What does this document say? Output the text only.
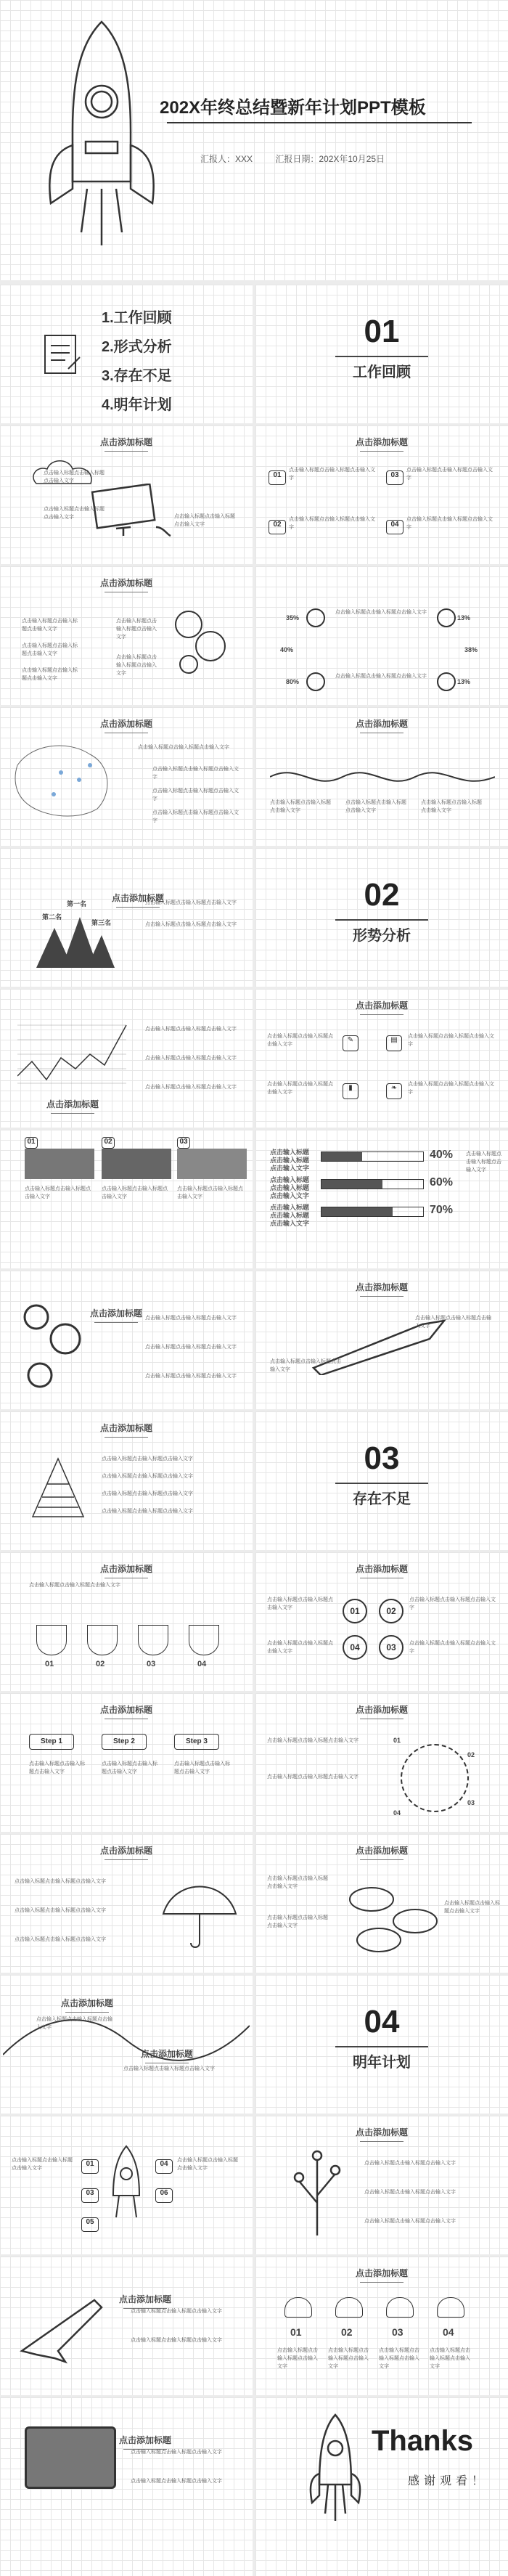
202X年终总结暨新年计划PPT模板
汇报人：XXX	汇报日期：202X年10月25日
1.工作回顾
2.形式分析
3.存在不足
4.明年计划
01
工作回顾
点击添加标题
点击输入标题点击输入标题点击输入文字
点击输入标题点击输入标题点击输入文字	点击输入标题点击输入标题点击输入文字
点击添加标题
01
02
03
04
点击输入标题点击输入标题点击输入文字
点击输入标题点击输入标题点击输入文字
点击输入标题点击输入标题点击输入文字
点击输入标题点击输入标题点击输入文字
点击添加标题
点击输入标题点击输入标题点击输入文字
点击输入标题点击输入标题点击输入文字
点击输入标题点击输入标题点击输入文字
点击输入标题点击输入标题点击输入文字
点击输入标题点击输入标题点击输入文字
35%	13%
40%	38%
80%	13%
点击输入标题点击输入标题点击输入文字
点击输入标题点击输入标题点击输入文字
点击添加标题
点击输入标题点击输入标题点击输入文字
点击输入标题点击输入标题点击输入文字
点击输入标题点击输入标题点击输入文字
点击输入标题点击输入标题点击输入文字
点击添加标题
点击输入标题点击输入标题点击输入文字
点击输入标题点击输入标题点击输入文字
点击输入标题点击输入标题点击输入文字
第二名
第一名
第三名
点击添加标题
点击输入标题点击输入标题点击输入文字
点击输入标题点击输入标题点击输入文字
02
形势分析
点击添加标题
点击输入标题点击输入标题点击输入文字
点击输入标题点击输入标题点击输入文字
点击输入标题点击输入标题点击输入文字
点击添加标题
✎	▤
▮	❧
点击输入标题点击输入标题点击输入文字
点击输入标题点击输入标题点击输入文字
点击输入标题点击输入标题点击输入文字
点击输入标题点击输入标题点击输入文字
01	02	03
点击输入标题点击输入标题点击输入文字
点击输入标题点击输入标题点击输入文字
点击输入标题点击输入标题点击输入文字
点击输入标题点击输入标题点击输入文字
点击输入标题点击输入标题点击输入文字
点击输入标题点击输入标题点击输入文字
40%
60%
70%
点击输入标题点击输入标题点击输入文字
点击添加标题 点击输入标题点击输入标题点击输入文字
点击输入标题点击输入标题点击输入文字
点击输入标题点击输入标题点击输入文字
点击添加标题
点击输入标题点击输入标题点击输入文字
点击输入标题点击输入标题点击输入文字
点击添加标题
点击输入标题点击输入标题点击输入文字
点击输入标题点击输入标题点击输入文字
点击输入标题点击输入标题点击输入文字
点击输入标题点击输入标题点击输入文字
03
存在不足
点击添加标题
点击输入标题点击输入标题点击输入文字
01	02	03	04
点击添加标题
01	02
04	03
点击输入标题点击输入标题点击输入文字
点击输入标题点击输入标题点击输入文字
点击输入标题点击输入标题点击输入文字
点击输入标题点击输入标题点击输入文字
点击添加标题
Step 1	Step 2	Step 3
点击输入标题点击输入标题点击输入文字
点击输入标题点击输入标题点击输入文字
点击输入标题点击输入标题点击输入文字
点击添加标题
01
02
03
04
点击输入标题点击输入标题点击输入文字
点击输入标题点击输入标题点击输入文字
点击添加标题
点击输入标题点击输入标题点击输入文字
点击输入标题点击输入标题点击输入文字
点击输入标题点击输入标题点击输入文字
点击添加标题
点击输入标题点击输入标题点击输入文字
点击输入标题点击输入标题点击输入文字
点击输入标题点击输入标题点击输入文字
点击添加标题
点击添加标题
点击输入标题点击输入标题点击输入文字
点击输入标题点击输入标题点击输入文字
04
明年计划
01
03
05
04
06
点击输入标题点击输入标题点击输入文字
点击输入标题点击输入标题点击输入文字
点击添加标题
点击输入标题点击输入标题点击输入文字
点击输入标题点击输入标题点击输入文字
点击输入标题点击输入标题点击输入文字
点击添加标题
点击输入标题点击输入标题点击输入文字
点击输入标题点击输入标题点击输入文字
点击添加标题
01	02	03	04
点击输入标题点击输入标题点击输入文字
点击输入标题点击输入标题点击输入文字
点击输入标题点击输入标题点击输入文字
点击输入标题点击输入标题点击输入文字
点击添加标题
点击输入标题点击输入标题点击输入文字
点击输入标题点击输入标题点击输入文字
Thanks
感谢观看！
